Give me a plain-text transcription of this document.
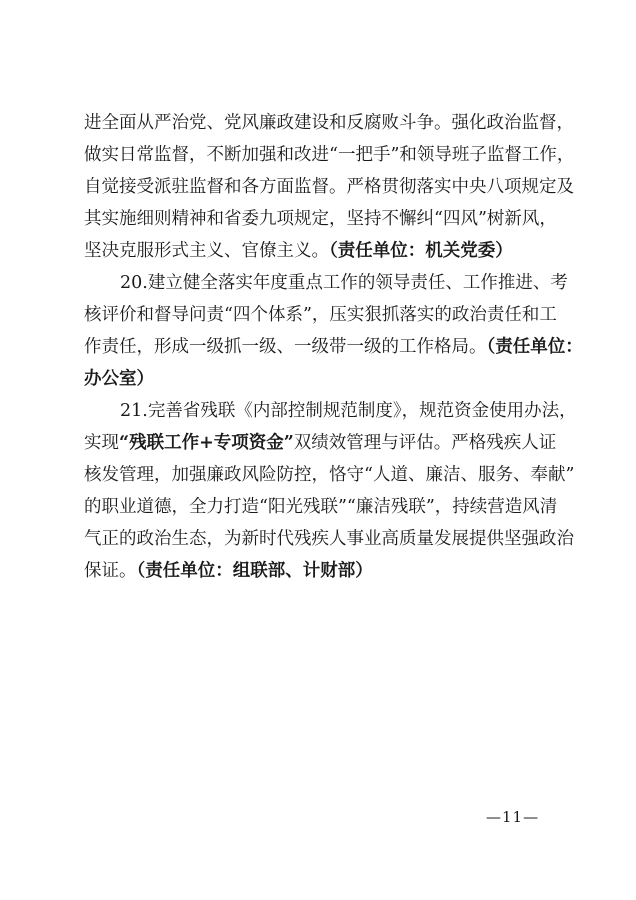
进全面从严治党、党风廉政建设和反腐败斗争。强化政治监督，
做实日常监督，不断加强和改进“一把手”和领导班子监督工作，
自觉接受派驻监督和各方面监督。严格贯彻落实中央八项规定及
其实施细则精神和省委九项规定，坚持不懈纠“四风”树新风，
坚决克服形式主义、官僚主义。（责任单位：机关党委）
20.建立健全落实年度重点工作的领导责任、工作推进、考
核评价和督导问责“四个体系”，压实狠抓落实的政治责任和工
作责任，形成一级抓一级、一级带一级的工作格局。（责任单位：
办公室）
21.完善省残联《内部控制规范制度》，规范资金使用办法，
实现“残联工作+专项资金”双绩效管理与评估。严格残疾人证
核发管理，加强廉政风险防控，恪守“人道、廉洁、服务、奉献”
的职业道德，全力打造“阳光残联”“廉洁残联”，持续营造风清
气正的政治生态，为新时代残疾人事业高质量发展提供坚强政治
保证。（责任单位：组联部、计财部）
—11—
